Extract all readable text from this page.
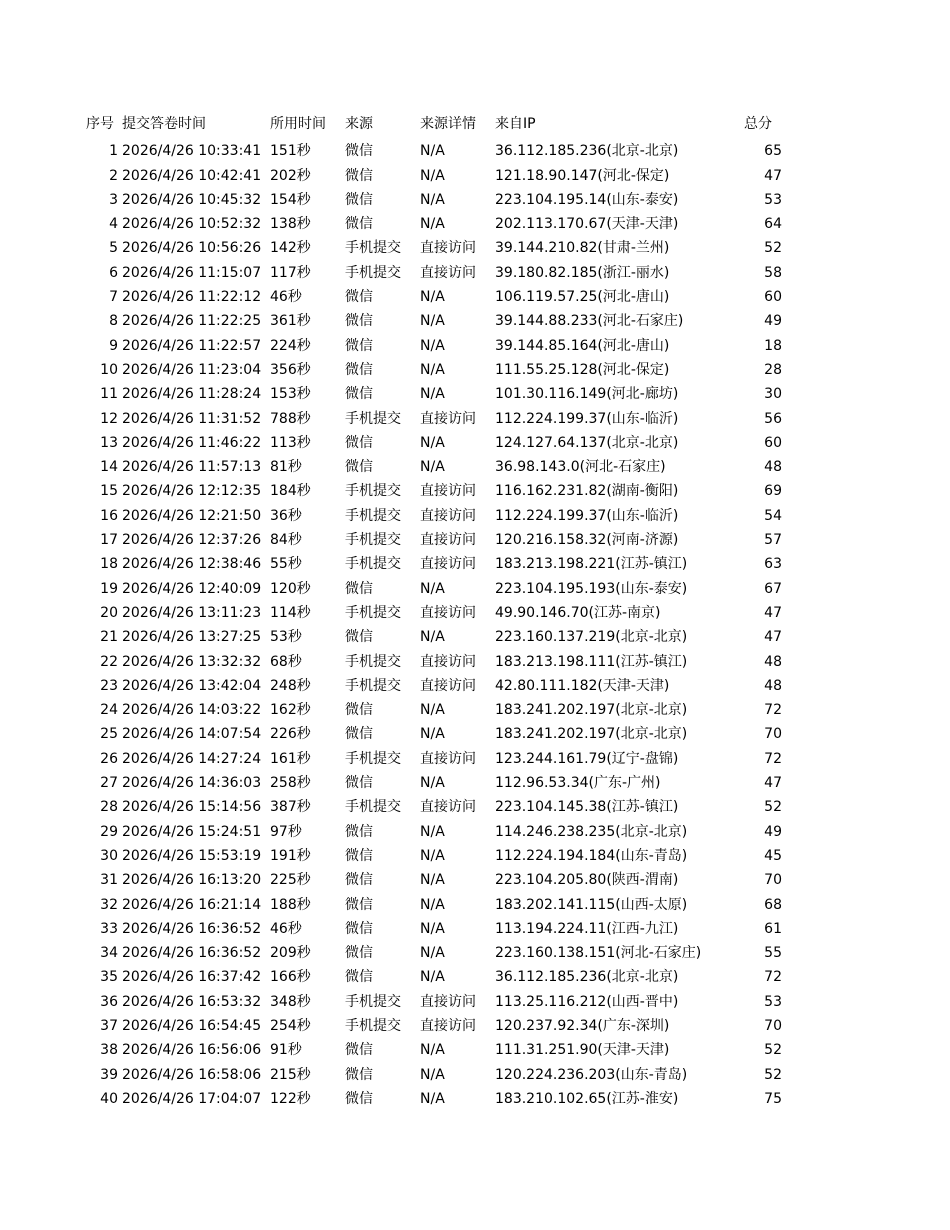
序号 提交答卷时间	所用时间 来源	来源详情 来自IP	总分
1 2026/4/26 10:33:41 151秒 微信	N/A	36.112.185.236(北京-北京)	65
2 2026/4/26 10:42:41 202秒 微信	N/A	121.18.90.147(河北-保定)	47
3 2026/4/26 10:45:32 154秒 微信	N/A	223.104.195.14(山东-泰安)	53
4 2026/4/26 10:52:32 138秒 微信	N/A	202.113.170.67(天津-天津)	64
5 2026/4/26 10:56:26 142秒 手机提交 直接访问 39.144.210.82(甘肃-兰州)	52
6 2026/4/26 11:15:07 117秒 手机提交 直接访问 39.180.82.185(浙江-丽水)	58
7 2026/4/26 11:22:12 46秒	微信	N/A	106.119.57.25(河北-唐山)	60
8 2026/4/26 11:22:25 361秒 微信	N/A	39.144.88.233(河北-石家庄)	49
9 2026/4/26 11:22:57 224秒 微信	N/A	39.144.85.164(河北-唐山)	18
10 2026/4/26 11:23:04 356秒 微信	N/A	111.55.25.128(河北-保定)	28
11 2026/4/26 11:28:24 153秒 微信	N/A	101.30.116.149(河北-廊坊)	30
12 2026/4/26 11:31:52 788秒 手机提交 直接访问 112.224.199.37(山东-临沂)	56
13 2026/4/26 11:46:22 113秒 微信	N/A	124.127.64.137(北京-北京)	60
14 2026/4/26 11:57:13 81秒	微信	N/A	36.98.143.0(河北-石家庄)	48
15 2026/4/26 12:12:35 184秒 手机提交 直接访问 116.162.231.82(湖南-衡阳)	69
16 2026/4/26 12:21:50 36秒	手机提交 直接访问 112.224.199.37(山东-临沂)	54
17 2026/4/26 12:37:26 84秒	手机提交 直接访问 120.216.158.32(河南-济源)	57
18 2026/4/26 12:38:46 55秒	手机提交 直接访问 183.213.198.221(江苏-镇江)	63
19 2026/4/26 12:40:09 120秒 微信	N/A	223.104.195.193(山东-泰安)	67
20 2026/4/26 13:11:23 114秒 手机提交 直接访问 49.90.146.70(江苏-南京)	47
21 2026/4/26 13:27:25 53秒	微信	N/A	223.160.137.219(北京-北京)	47
22 2026/4/26 13:32:32 68秒	手机提交 直接访问 183.213.198.111(江苏-镇江)	48
23 2026/4/26 13:42:04 248秒 手机提交 直接访问 42.80.111.182(天津-天津)	48
24 2026/4/26 14:03:22 162秒 微信	N/A	183.241.202.197(北京-北京)	72
25 2026/4/26 14:07:54 226秒 微信	N/A	183.241.202.197(北京-北京)	70
26 2026/4/26 14:27:24 161秒 手机提交 直接访问 123.244.161.79(辽宁-盘锦)	72
27 2026/4/26 14:36:03 258秒 微信	N/A	112.96.53.34(广东-广州)	47
28 2026/4/26 15:14:56 387秒 手机提交 直接访问 223.104.145.38(江苏-镇江)	52
29 2026/4/26 15:24:51 97秒	微信	N/A	114.246.238.235(北京-北京)	49
30 2026/4/26 15:53:19 191秒 微信	N/A	112.224.194.184(山东-青岛)	45
31 2026/4/26 16:13:20 225秒 微信	N/A	223.104.205.80(陕西-渭南)	70
32 2026/4/26 16:21:14 188秒 微信	N/A	183.202.141.115(山西-太原)	68
33 2026/4/26 16:36:52 46秒	微信	N/A	113.194.224.11(江西-九江)	61
34 2026/4/26 16:36:52 209秒 微信	N/A	223.160.138.151(河北-石家庄)	55
35 2026/4/26 16:37:42 166秒 微信	N/A	36.112.185.236(北京-北京)	72
36 2026/4/26 16:53:32 348秒 手机提交 直接访问 113.25.116.212(山西-晋中)	53
37 2026/4/26 16:54:45 254秒 手机提交 直接访问 120.237.92.34(广东-深圳)	70
38 2026/4/26 16:56:06 91秒	微信	N/A	111.31.251.90(天津-天津)	52
39 2026/4/26 16:58:06 215秒 微信	N/A	120.224.236.203(山东-青岛)	52
40 2026/4/26 17:04:07 122秒 微信	N/A	183.210.102.65(江苏-淮安)	75
